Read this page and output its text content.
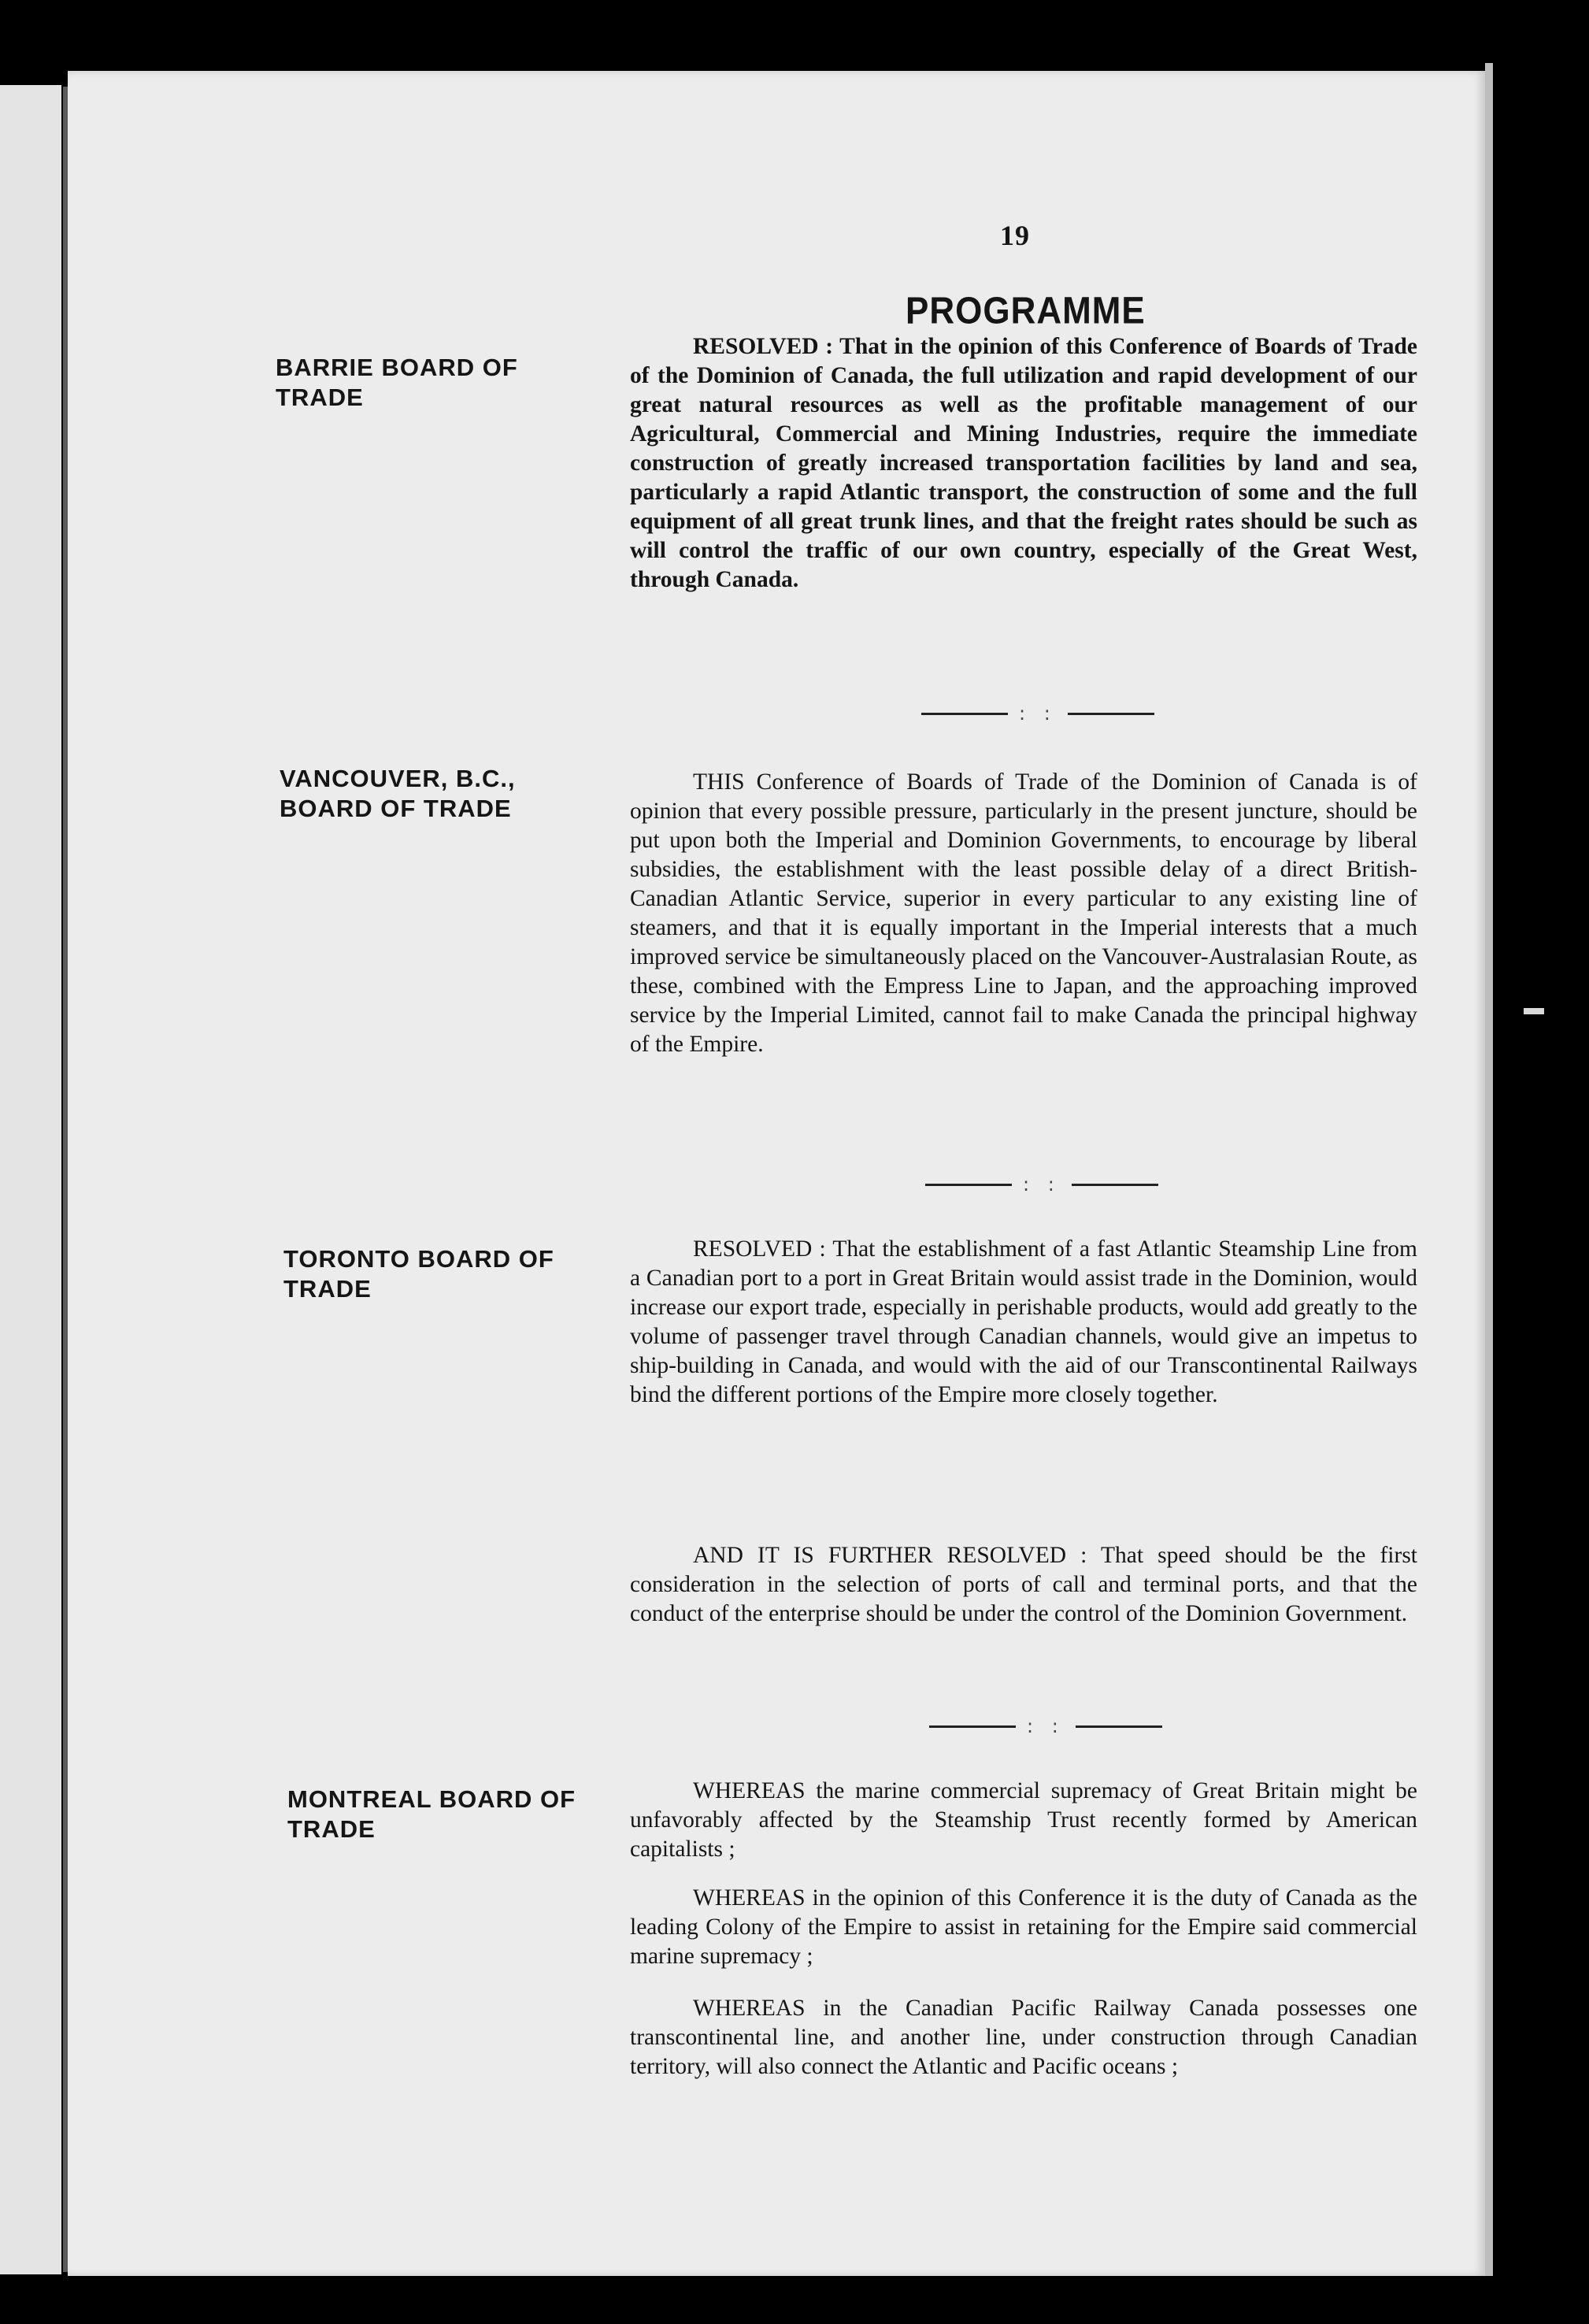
19
PROGRAMME
BARRIE BOARD OF TRADE

RESOLVED : That in the opinion of this Conference of Boards of Trade of the Dominion of Canada, the full utilization and rapid development of our great natural resources as well as the profitable management of our Agricultural, Commercial and Mining Industries, require the immediate construction of greatly increased transportation facilities by land and sea, particularly a rapid Atlantic transport, the construction of some and the full equipment of all great trunk lines, and that the freight rates should be such as will control the traffic of our own country, especially of the Great West, through Canada.

: :
VANCOUVER, B.C., BOARD OF TRADE

THIS Conference of Boards of Trade of the Dominion of Canada is of opinion that every possible pressure, particularly in the present juncture, should be put upon both the Imperial and Dominion Governments, to encourage by liberal subsidies, the establishment with the least possible delay of a direct British-Canadian Atlantic Service, superior in every particular to any existing line of steamers, and that it is equally important in the Imperial interests that a much improved service be simultaneously placed on the Vancouver-Australasian Route, as these, combined with the Empress Line to Japan, and the approaching improved service by the Imperial Limited, cannot fail to make Canada the principal highway of the Empire.

: :
TORONTO BOARD OF TRADE

RESOLVED : That the establishment of a fast Atlantic Steamship Line from a Canadian port to a port in Great Britain would assist trade in the Dominion, would increase our export trade, especially in perishable products, would add greatly to the volume of passenger travel through Canadian channels, would give an impetus to ship-building in Canada, and would with the aid of our Transcontinental Railways bind the different portions of the Empire more closely together.

AND IT IS FURTHER RESOLVED : That speed should be the first consideration in the selection of ports of call and terminal ports, and that the conduct of the enterprise should be under the control of the Dominion Government.

: :
MONTREAL BOARD OF TRADE

WHEREAS the marine commercial supremacy of Great Britain might be unfavorably affected by the Steamship Trust recently formed by American capitalists ;

WHEREAS in the opinion of this Conference it is the duty of Canada as the leading Colony of the Empire to assist in retaining for the Empire said commercial marine supremacy ;

WHEREAS in the Canadian Pacific Railway Canada possesses one transcontinental line, and another line, under construction through Canadian territory, will also connect the Atlantic and Pacific oceans ;
